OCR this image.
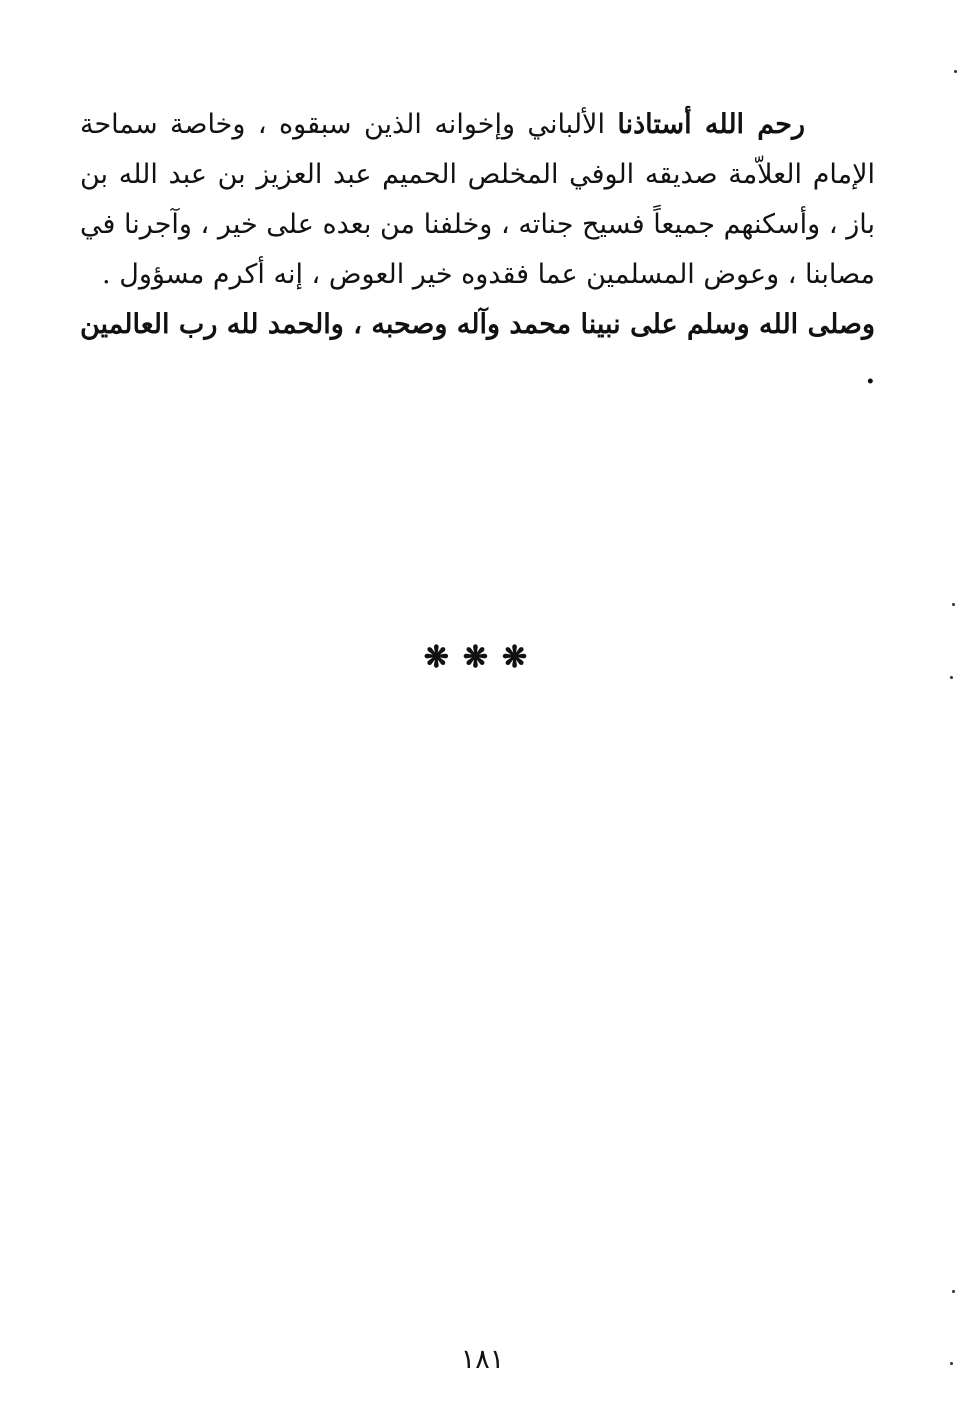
رحم الله أستاذنا الألباني وإخوانه الذين سبقوه ، وخاصة سماحة الإمام العلاّمة صديقه الوفي المخلص الحميم عبد العزيز بن عبد الله بن باز ، وأسكنهم جميعاً فسيح جناته ، وخلفنا من بعده على خير ، وآجرنا في مصابنا ، وعوض المسلمين عما فقدوه خير العوض ، إنه أكرم مسؤول .

وصلى الله وسلم على نبينا محمد وآله وصحبه ، والحمد لله رب العالمين .

❋❋❋
١٨١
